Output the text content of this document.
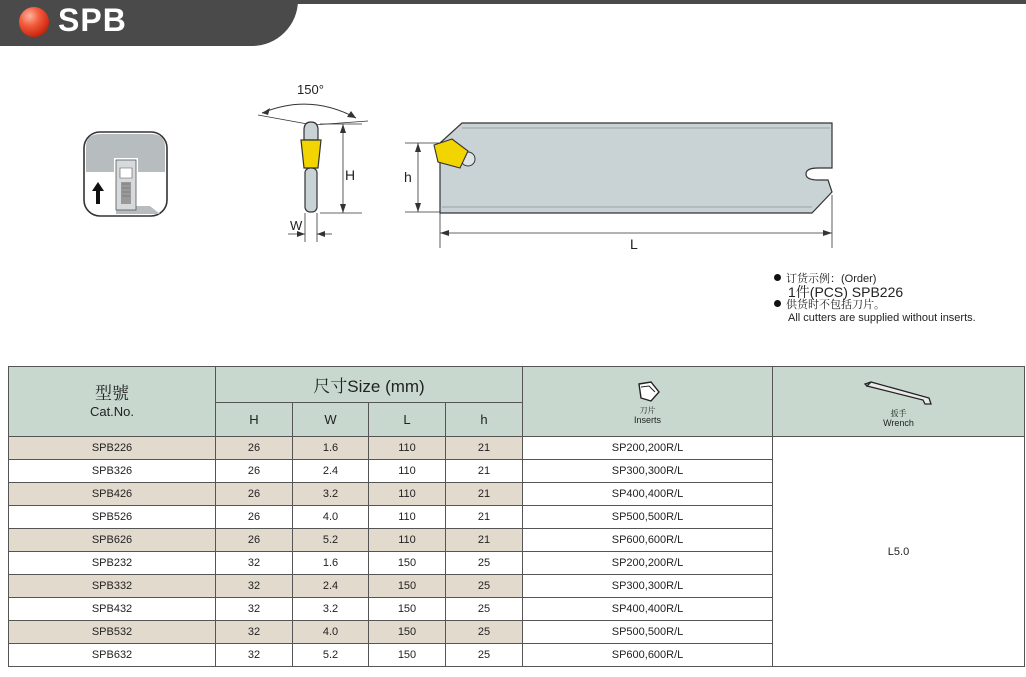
SPB
150°
H
W
h
L
订货示例：(Order)
1件(PCS) SPB226
供货时不包括刀片。
All cutters are supplied without inserts.
型號
Cat.No.	尺寸Size (mm)				刀片
Inserts	扳手
Wrench

	H	W	L	h		
SPB226	26	1.6	110	21	SP200,200R/L	L5.0
SPB326	26	2.4	110	21	SP300,300R/L	
SPB426	26	3.2	110	21	SP400,400R/L	
SPB526	26	4.0	110	21	SP500,500R/L	
SPB626	26	5.2	110	21	SP600,600R/L	
SPB232	32	1.6	150	25	SP200,200R/L	
SPB332	32	2.4	150	25	SP300,300R/L	
SPB432	32	3.2	150	25	SP400,400R/L	
SPB532	32	4.0	150	25	SP500,500R/L	
SPB632	32	5.2	150	25	SP600,600R/L	
